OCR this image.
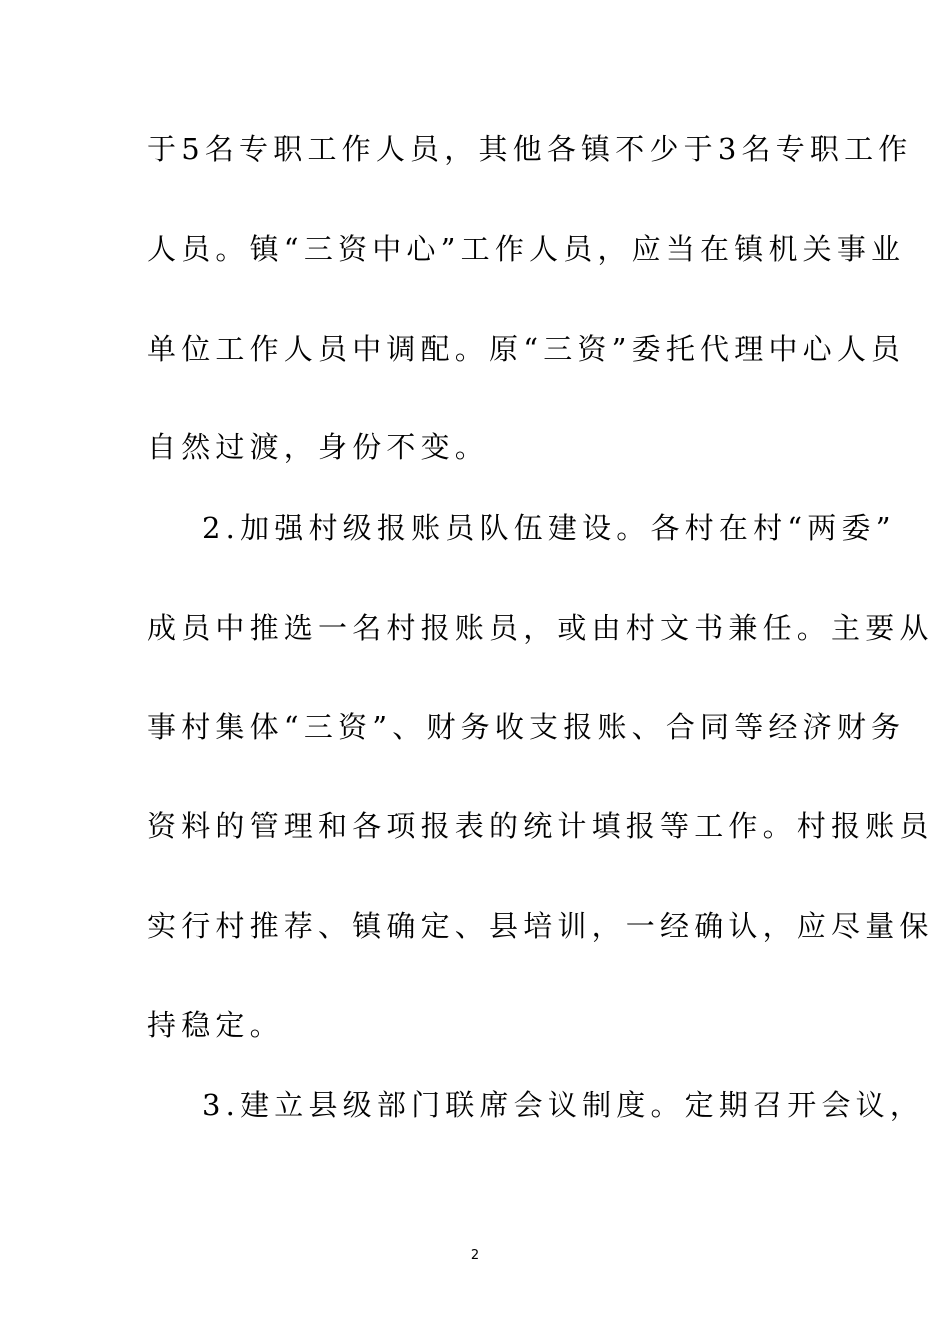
于5名专职工作人员，其他各镇不少于3名专职工作
人员。镇“三资中心”工作人员，应当在镇机关事业
单位工作人员中调配。原“三资”委托代理中心人员
自然过渡，身份不变。
2.加强村级报账员队伍建设。各村在村“两委”
成员中推选一名村报账员，或由村文书兼任。主要从
事村集体“三资”、财务收支报账、合同等经济财务
资料的管理和各项报表的统计填报等工作。村报账员
实行村推荐、镇确定、县培训，一经确认，应尽量保
持稳定。
3.建立县级部门联席会议制度。定期召开会议，
2
